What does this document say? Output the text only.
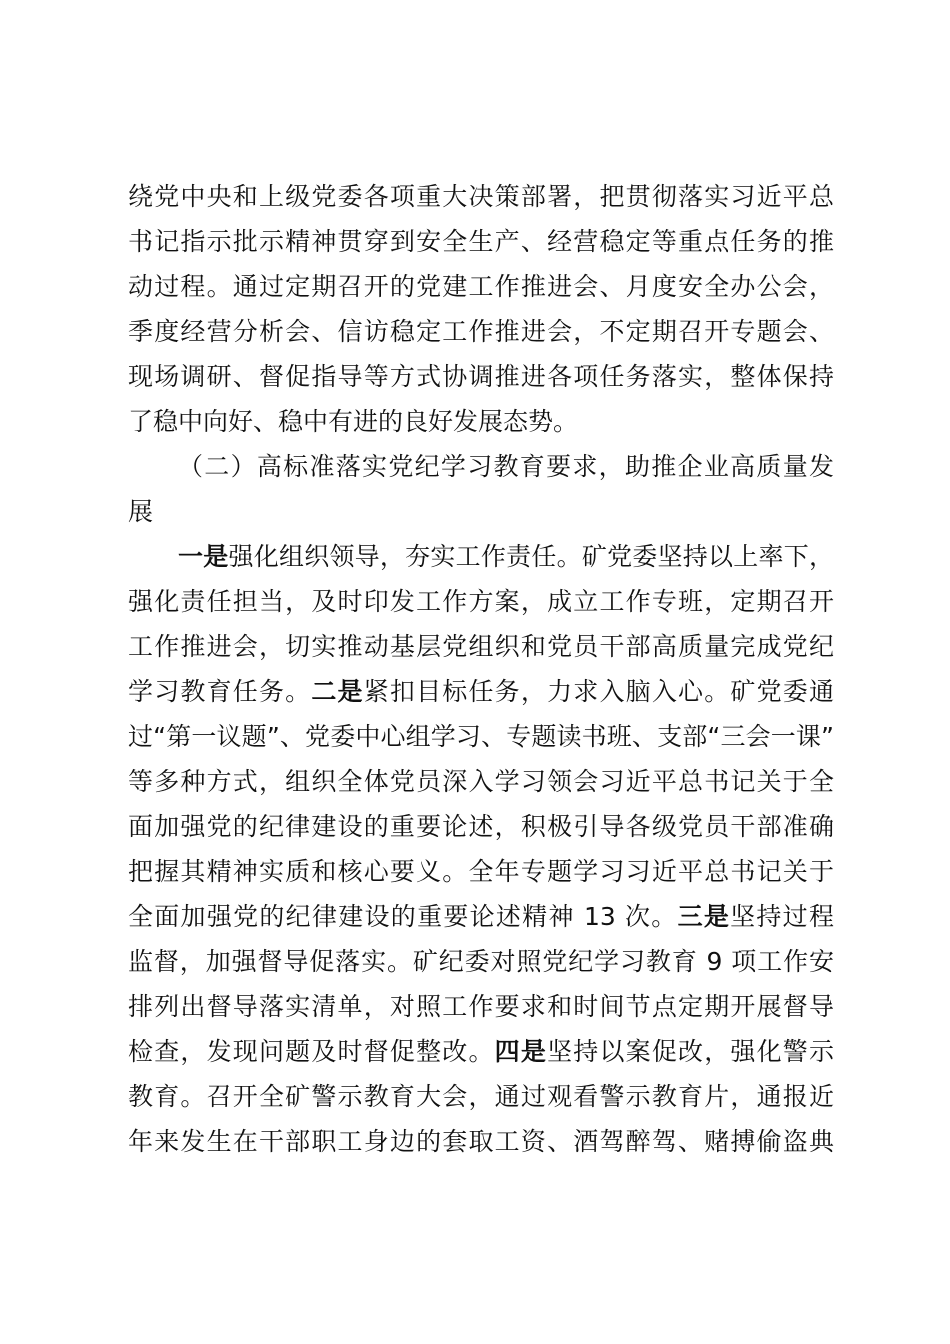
绕党中央和上级党委各项重大决策部署，把贯彻落实习近平总
书记指示批示精神贯穿到安全生产、经营稳定等重点任务的推
动过程。通过定期召开的党建工作推进会、月度安全办公会，
季度经营分析会、信访稳定工作推进会，不定期召开专题会、
现场调研、督促指导等方式协调推进各项任务落实，整体保持
了稳中向好、稳中有进的良好发展态势。
（二）高标准落实党纪学习教育要求，助推企业高质量发
展
一是强化组织领导，夯实工作责任。矿党委坚持以上率下，
强化责任担当，及时印发工作方案，成立工作专班，定期召开
工作推进会，切实推动基层党组织和党员干部高质量完成党纪
学习教育任务。二是紧扣目标任务，力求入脑入心。矿党委通
过“第一议题”、党委中心组学习、专题读书班、支部“三会一课”
等多种方式，组织全体党员深入学习领会习近平总书记关于全
面加强党的纪律建设的重要论述，积极引导各级党员干部准确
把握其精神实质和核心要义。全年专题学习习近平总书记关于
全面加强党的纪律建设的重要论述精神 13 次。三是坚持过程
监督，加强督导促落实。矿纪委对照党纪学习教育 9 项工作安
排列出督导落实清单，对照工作要求和时间节点定期开展督导
检查，发现问题及时督促整改。四是坚持以案促改，强化警示
教育。召开全矿警示教育大会，通过观看警示教育片，通报近
年来发生在干部职工身边的套取工资、酒驾醉驾、赌搏偷盗典
